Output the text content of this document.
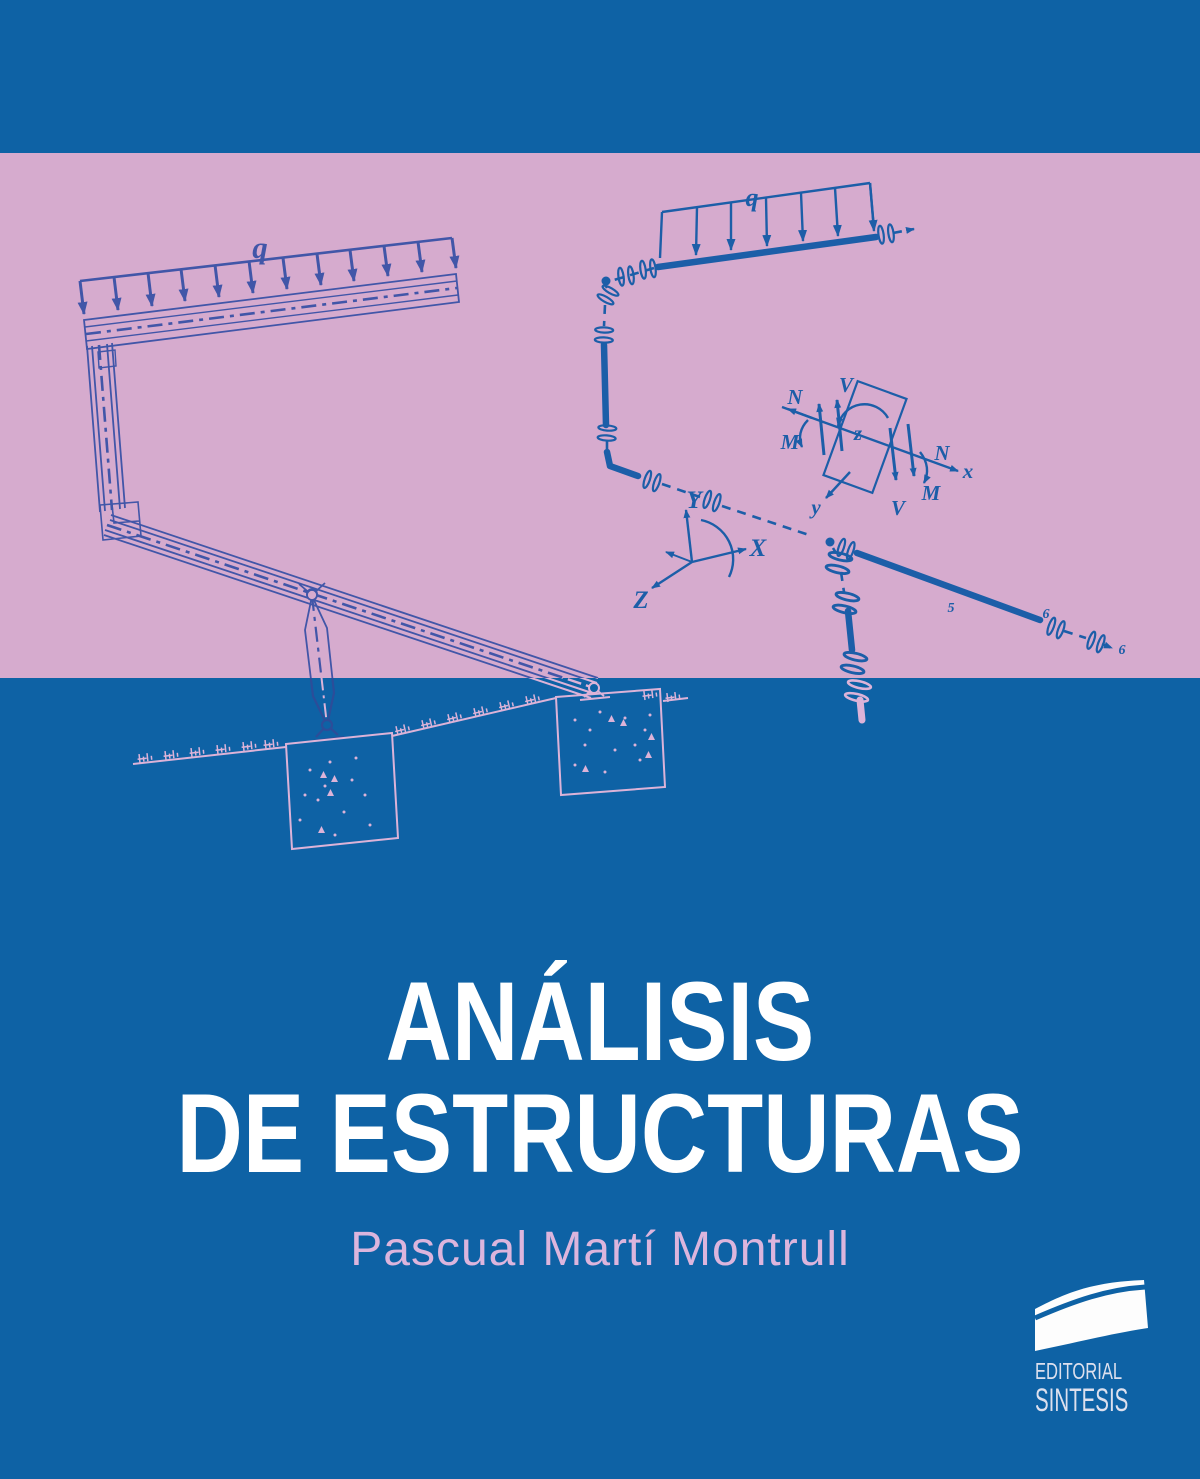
q
q
5	6
6
N
M
V
V
M
N
x
y
z
Y
X
Z
ANÁLISIS
DE ESTRUCTURAS
Pascual Martí Montrull
EDITORIAL
SINTESIS
